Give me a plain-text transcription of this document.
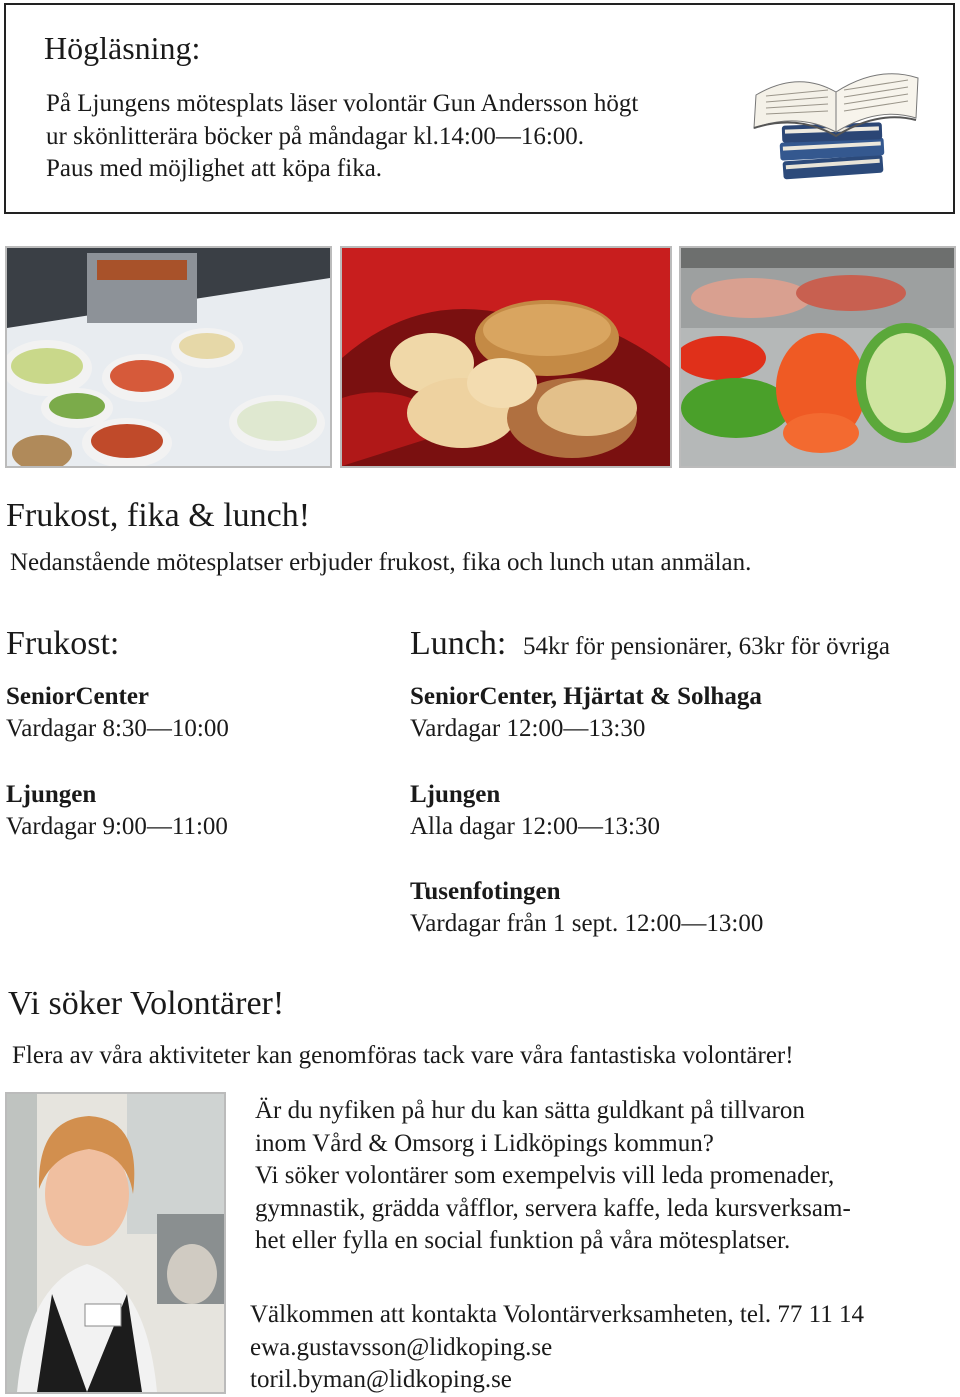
Högläsning:
På Ljungens mötesplats läser volontär Gun Andersson högt
ur skönlitterära böcker på måndagar kl.14:00—16:00.
Paus med möjlighet att köpa fika.
Frukost, fika & lunch!
Nedanstående mötesplatser erbjuder frukost, fika och lunch utan anmälan.
Frukost:
SeniorCenter
Vardagar 8:30—10:00
Ljungen
Vardagar 9:00—11:00
Lunch: 54kr för pensionärer, 63kr för övriga
SeniorCenter, Hjärtat & Solhaga
Vardagar 12:00—13:30
Ljungen
Alla dagar 12:00—13:30
Tusenfotingen
Vardagar från 1 sept. 12:00—13:00
Vi söker Volontärer!
Flera av våra aktiviteter kan genomföras tack vare våra fantastiska volontärer!
Är du nyfiken på hur du kan sätta guldkant på tillvaron
inom Vård & Omsorg i Lidköpings kommun?
Vi söker volontärer som exempelvis vill leda promenader,
gymnastik, grädda våfflor, servera kaffe, leda kursverksam-
het eller fylla en social funktion på våra mötesplatser.
Välkommen att kontakta Volontärverksamheten, tel. 77 11 14
ewa.gustavsson@lidkoping.se
toril.byman@lidkoping.se
